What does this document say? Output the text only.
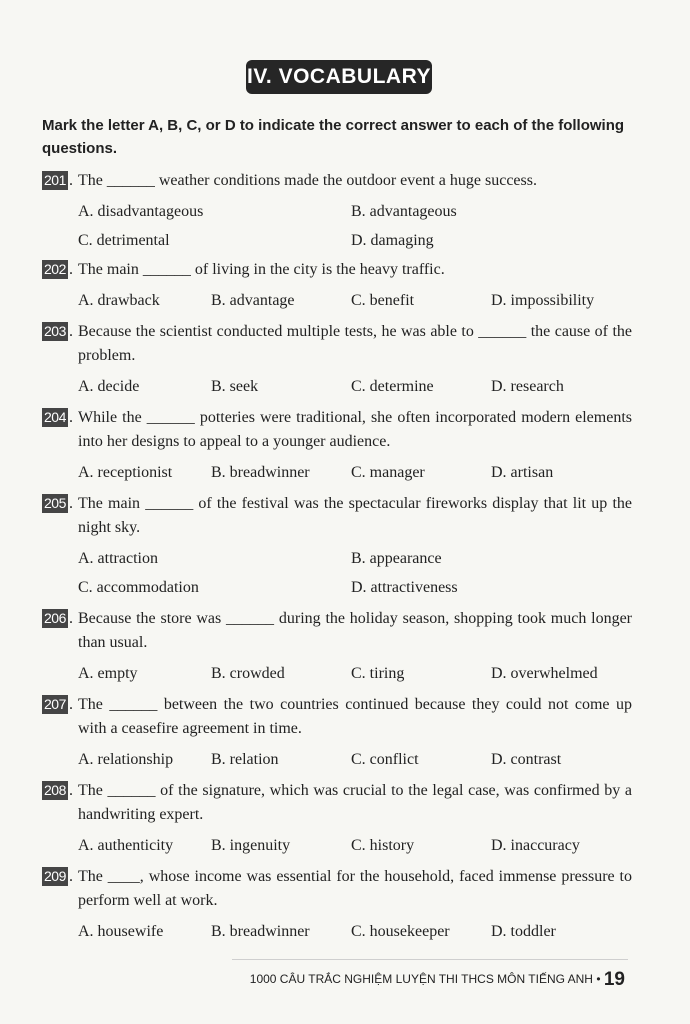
IV. VOCABULARY
Mark the letter A, B, C, or D to indicate the correct answer to each of the following questions.
201 . The ______ weather conditions made the outdoor event a huge success.
A. disadvantageous	B. advantageous
C. detrimental	D. damaging
202 . The main ______ of living in the city is the heavy traffic.
A. drawback	B. advantage	C. benefit	D. impossibility
203 . Because the scientist conducted multiple tests, he was able to ______ the cause of the problem.
A. decide	B. seek	C. determine	D. research
204 . While the ______ potteries were traditional, she often incorporated modern elements into her designs to appeal to a younger audience.
A. receptionist B. breadwinner	C. manager	D. artisan
205 . The main ______ of the festival was the spectacular fireworks display that lit up the night sky.
A. attraction	B. appearance
C. accommodation	D. attractiveness
206 . Because the store was ______ during the holiday season, shopping took much longer than usual.
A. empty	B. crowded	C. tiring	D. overwhelmed
207 . The ______ between the two countries continued because they could not come up with a ceasefire agreement in time.
A. relationship B. relation	C. conflict	D. contrast
208 . The ______ of the signature, which was crucial to the legal case, was confirmed by a handwriting expert.
A. authenticity B. ingenuity	C. history	D. inaccuracy
209 . The ____, whose income was essential for the household, faced immense pressure to perform well at work.
A. housewife	B. breadwinner	C. housekeeper	D. toddler
1000 CÂU TRẮC NGHIỆM LUYỆN THI THCS MÔN TIẾNG ANH • 19
